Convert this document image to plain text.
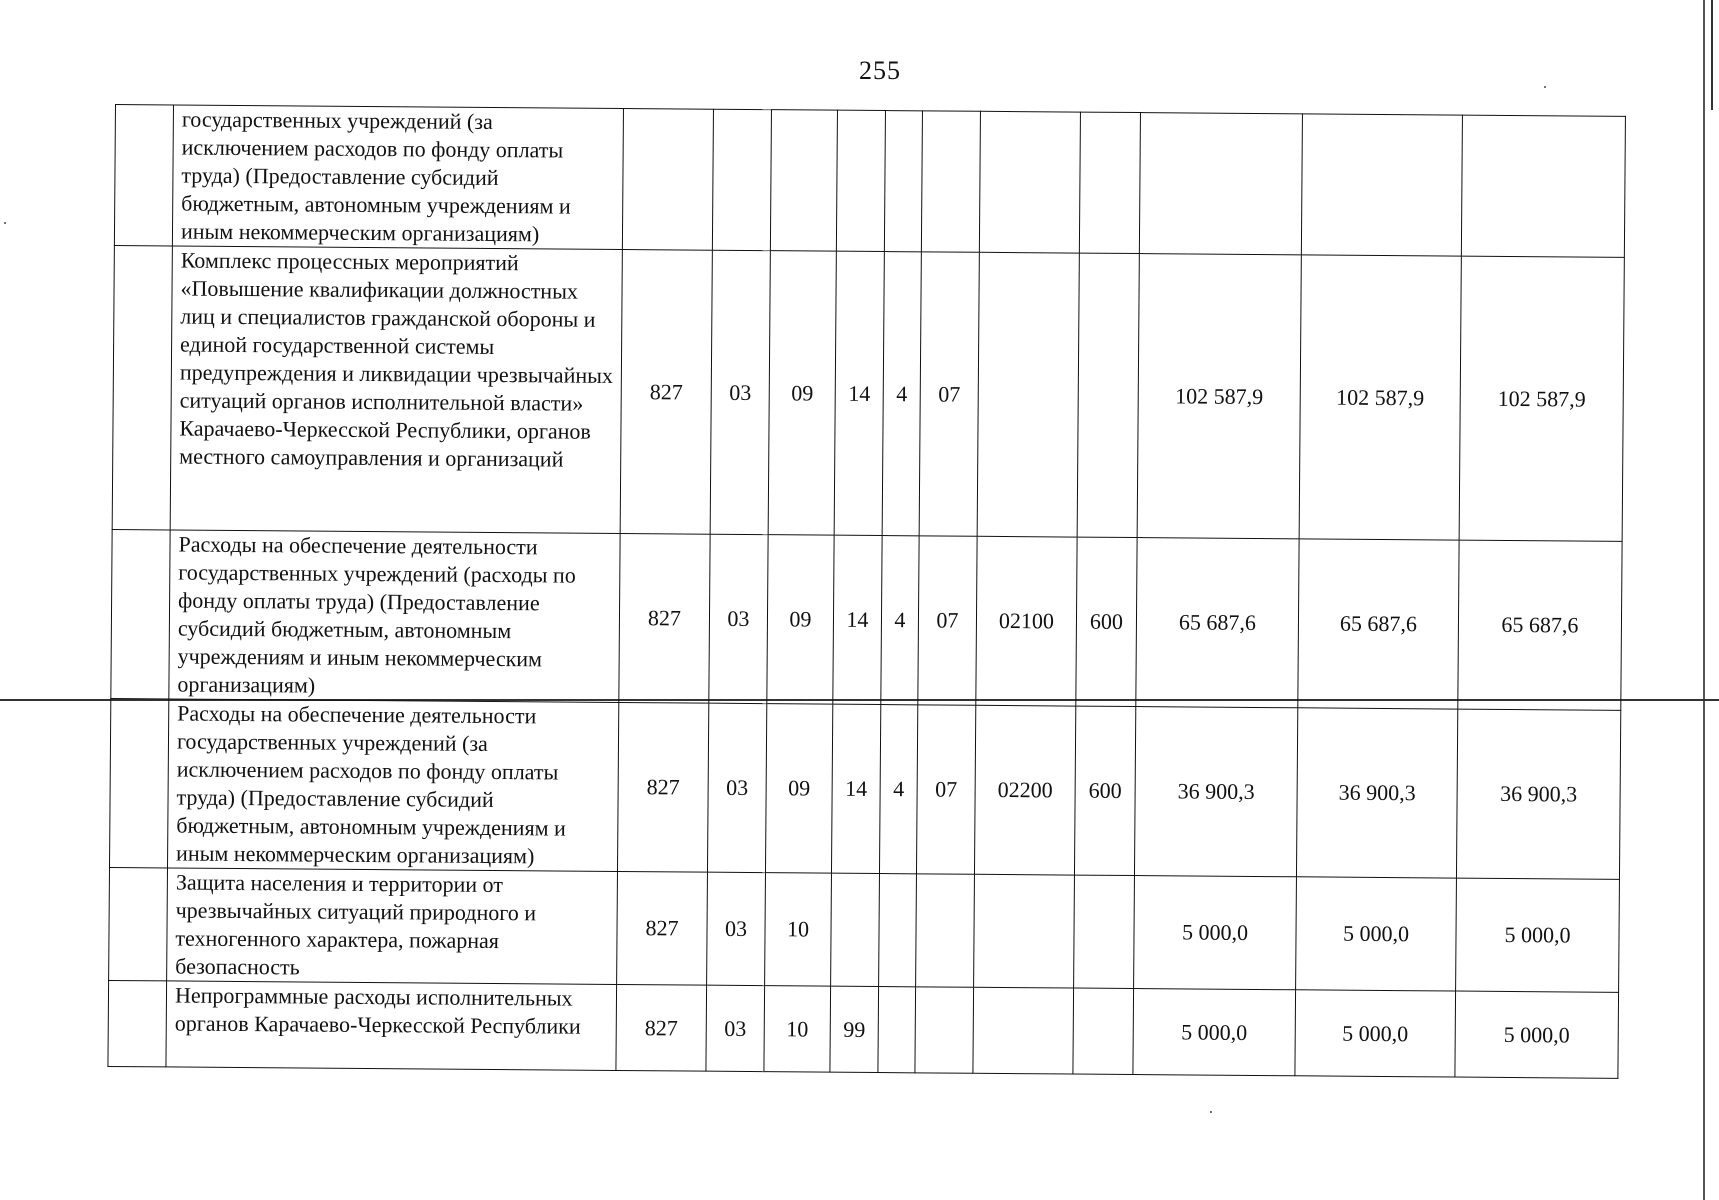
255
	государственных учреждений (за исключением расходов по фонду оплаты труда) (Предоставление субсидий бюджетным, автономным учреждениям и иным некоммерческим организациям)											
	Комплекс процессных мероприятий «Повышение квалификации должностных лиц и специалистов гражданской обороны и единой государственной системы предупреждения и ликвидации чрезвычайных ситуаций органов исполнительной власти» Карачаево-Черкесской Республики, органов местного самоуправления и организаций	827	03	09	14	4	07			102 587,9	102 587,9	102 587,9
	Расходы на обеспечение деятельности государственных учреждений (расходы по фонду оплаты труда) (Предоставление субсидий бюджетным, автономным учреждениям и иным некоммерческим организациям)	827	03	09	14	4	07	02100	600	65 687,6	65 687,6	65 687,6
	Расходы на обеспечение деятельности государственных учреждений (за исключением расходов по фонду оплаты труда) (Предоставление субсидий бюджетным, автономным учреждениям и иным некоммерческим организациям)	827	03	09	14	4	07	02200	600	36 900,3	36 900,3	36 900,3
	Защита населения и территории от чрезвычайных ситуаций природного и техногенного характера, пожарная безопасность	827	03	10						5 000,0	5 000,0	5 000,0
	Непрограммные расходы исполнительных органов Карачаево-Черкесской Республики	827	03	10	99					5 000,0	5 000,0	5 000,0
